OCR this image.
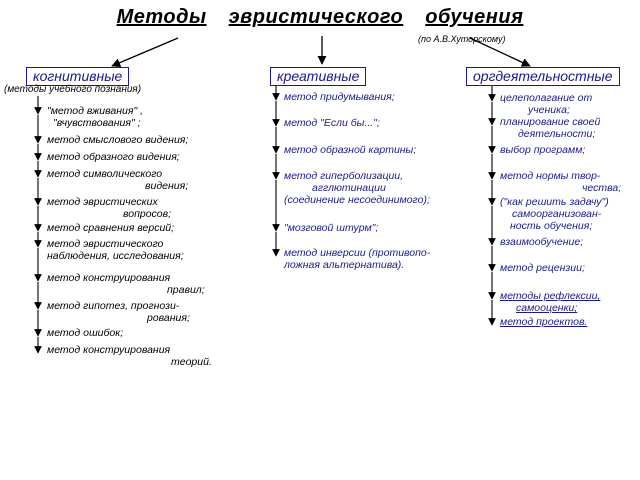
Методы эвристического обучения
(по А.В.Хуторскому)
когнитивные
(методы учебного познания)
креативные	оргдеятельностные
"метод вживания" ,
"вчувствования" ;
метод смыслового видения;
метод образного видения;
метод символического
видения;
метод эвристических
вопросов;
метод сравнения версий;
метод эвристического
наблюдения, исследования;
метод конструирования
правил;
метод гипотез, прогнози-
рования;
метод ошибок;
метод конструирования
теорий.
метод придумывания;
метод "Если бы...";
метод образной картины;
метод гиперболизации,
агглютинации
(соединение несоединимого);
"мозговой штурм";
метод инверсии (противопо-
ложная альтернатива).
целеполагание от
ученика;
планирование своей
деятельности;
выбор программ;
метод нормы твор-
чества;
("как решить задачу")
самоорганизован-
ность обучения;
взаимообучение;
метод рецензии;
методы рефлексии,
самооценки;
метод проектов.
